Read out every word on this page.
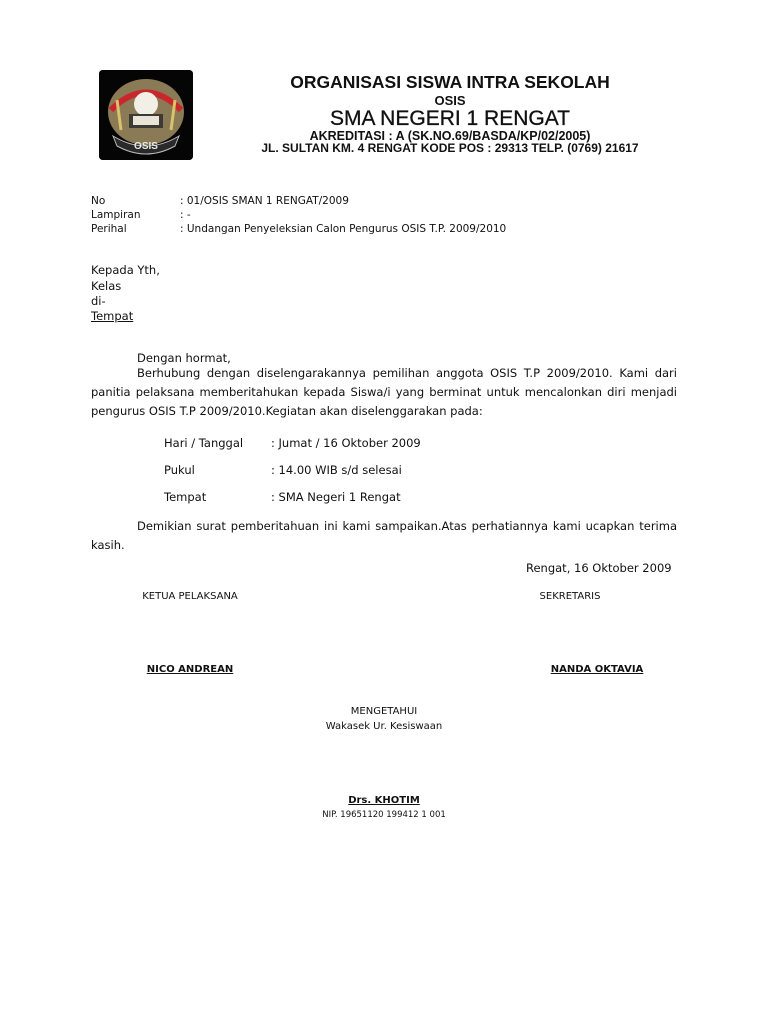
OSIS
ORGANISASI SISWA INTRA SEKOLAH
OSIS
SMA NEGERI 1 RENGAT
AKREDITASI : A (SK.NO.69/BASDA/KP/02/2005)
JL. SULTAN KM. 4 RENGAT KODE POS : 29313 TELP. (0769) 21617
No	: 01/OSIS SMAN 1 RENGAT/2009
Lampiran	: -
Perihal	: Undangan Penyeleksian Calon Pengurus OSIS T.P. 2009/2010
Kepada Yth,
Kelas
di-
Tempat
Dengan hormat,
Berhubung dengan diselengarakannya pemilihan anggota OSIS T.P 2009/2010. Kami dari panitia pelaksana memberitahukan kepada Siswa/i yang berminat untuk mencalonkan diri menjadi pengurus OSIS T.P 2009/2010.Kegiatan akan diselenggarakan pada:
Hari / Tanggal : Jumat / 16 Oktober 2009
Pukul	: 14.00 WIB s/d selesai
Tempat	: SMA Negeri 1 Rengat
Demikian surat pemberitahuan ini kami sampaikan.Atas perhatiannya kami ucapkan terima kasih.
Rengat, 16 Oktober 2009
KETUA PELAKSANA	SEKRETARIS
NICO ANDREAN	NANDA OKTAVIA
MENGETAHUI
Wakasek Ur. Kesiswaan
Drs. KHOTIM
NIP. 19651120 199412 1 001
